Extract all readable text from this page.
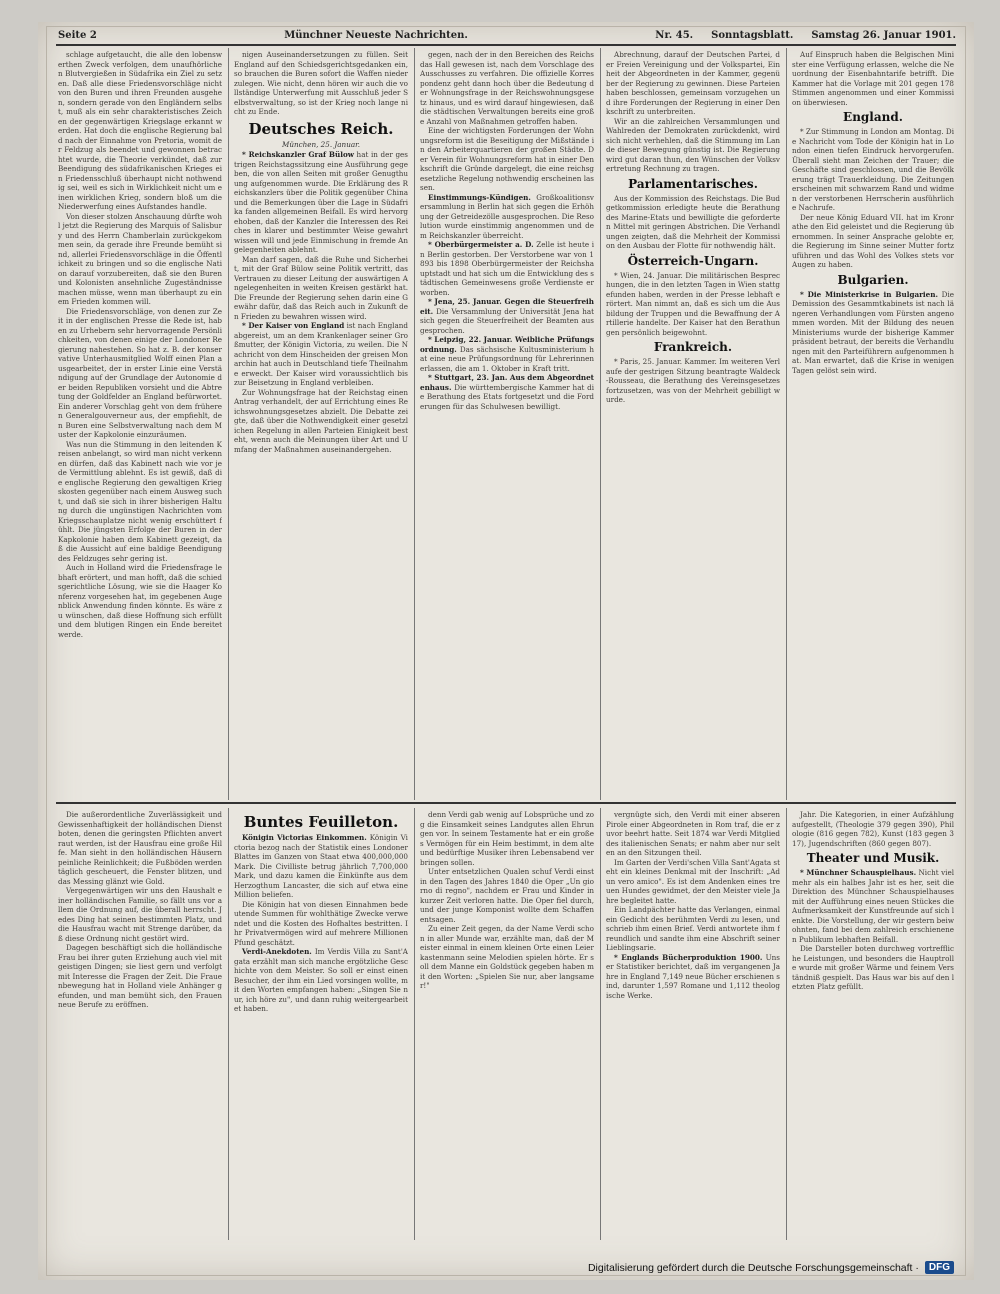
Seite 2	Münchner Neueste Nachrichten.	Nr. 45. Sonntagsblatt. Samstag 26. Januar 1901.

schlage aufgetaucht, die alle den lobenswerthen Zweck verfolgen, dem unaufhörlichen Blutvergießen in Südafrika ein Ziel zu setzen. Daß alle diese Friedensvorschläge nicht von den Buren und ihren Freunden ausgehen, sondern gerade von den Engländern selbst, muß als ein sehr charakteristisches Zeichen der gegenwärtigen Kriegslage erkannt werden. Hat doch die englische Regierung bald nach der Einnahme von Pretoria, womit der Feldzug als beendet und gewonnen betrachtet wurde, die Theorie verkündet, daß zur Beendigung des südafrikanischen Krieges ein Friedensschluß überhaupt nicht nothwendig sei, weil es sich in Wirklichkeit nicht um einen wirklichen Krieg, sondern bloß um die Niederwerfung eines Aufstandes handle.

Von dieser stolzen Anschauung dürfte wohl jetzt die Regierung des Marquis of Salisbury und des Herrn Chamberlain zurückgekommen sein, da gerade ihre Freunde bemüht sind, allerlei Friedensvorschläge in die Öffentlichkeit zu bringen und so die englische Nation darauf vorzubereiten, daß sie den Buren und Kolonisten ansehnliche Zugeständnisse machen müsse, wenn man überhaupt zu einem Frieden kommen will.

Die Friedensvorschläge, von denen zur Zeit in der englischen Presse die Rede ist, haben zu Urhebern sehr hervorragende Persönlichkeiten, von denen einige der Londoner Regierung nahestehen. So hat z. B. der konservative Unterhausmitglied Wolff einen Plan ausgearbeitet, der in erster Linie eine Verständigung auf der Grundlage der Autonomie der beiden Republiken vorsieht und die Abtretung der Goldfelder an England befürwortet. Ein anderer Vorschlag geht von dem früheren Generalgouverneur aus, der empfiehlt, den Buren eine Selbstverwaltung nach dem Muster der Kapkolonie einzuräumen.

Was nun die Stimmung in den leitenden Kreisen anbelangt, so wird man nicht verkennen dürfen, daß das Kabinett nach wie vor jede Vermittlung ablehnt. Es ist gewiß, daß die englische Regierung den gewaltigen Kriegskosten gegenüber nach einem Ausweg sucht, und daß sie sich in ihrer bisherigen Haltung durch die ungünstigen Nachrichten vom Kriegsschauplatze nicht wenig erschüttert fühlt. Die jüngsten Erfolge der Buren in der Kapkolonie haben dem Kabinett gezeigt, daß die Aussicht auf eine baldige Beendigung des Feldzuges sehr gering ist.

Auch in Holland wird die Friedensfrage lebhaft erörtert, und man hofft, daß die schiedsgerichtliche Lösung, wie sie die Haager Konferenz vorgesehen hat, im gegebenen Augenblick Anwendung finden könnte. Es wäre zu wünschen, daß diese Hoffnung sich erfüllt und dem blutigen Ringen ein Ende bereitet werde.

nigen Auseinandersetzungen zu füllen. Seit England auf den Schiedsgerichtsgedanken ein, so brauchen die Buren sofort die Waffen niederzulegen. Wie nicht, denn hören wir auch die vollständige Unterwerfung mit Ausschluß jeder Selbstverwaltung, so ist der Krieg noch lange nicht zu Ende.

Deutsches Reich.
München, 25. Januar.

* Reichskanzler Graf Bülow hat in der gestrigen Reichstagssitzung eine Ausführung gegeben, die von allen Seiten mit großer Genugthuung aufgenommen wurde. Die Erklärung des Reichskanzlers über die Politik gegenüber China und die Bemerkungen über die Lage in Südafrika fanden allgemeinen Beifall. Es wird hervorgehoben, daß der Kanzler die Interessen des Reiches in klarer und bestimmter Weise gewahrt wissen will und jede Einmischung in fremde Angelegenheiten ablehnt.

Man darf sagen, daß die Ruhe und Sicherheit, mit der Graf Bülow seine Politik vertritt, das Vertrauen zu dieser Leitung der auswärtigen Angelegenheiten in weiten Kreisen gestärkt hat. Die Freunde der Regierung sehen darin eine Gewähr dafür, daß das Reich auch in Zukunft den Frieden zu bewahren wissen wird.

* Der Kaiser von England ist nach England abgereist, um an dem Krankenlager seiner Großmutter, der Königin Victoria, zu weilen. Die Nachricht von dem Hinscheiden der greisen Monarchin hat auch in Deutschland tiefe Theilnahme erweckt. Der Kaiser wird voraussichtlich bis zur Beisetzung in England verbleiben.

Zur Wohnungsfrage hat der Reichstag einen Antrag verhandelt, der auf Errichtung eines Reichswohnungsgesetzes abzielt. Die Debatte zeigte, daß über die Nothwendigkeit einer gesetzlichen Regelung in allen Parteien Einigkeit besteht, wenn auch die Meinungen über Art und Umfang der Maßnahmen auseinandergehen.

gegen, nach der in den Bereichen des Reichs das Hall gewesen ist, nach dem Vorschlage des Ausschusses zu verfahren. Die offizielle Korrespondenz geht dann hoch über die Bedeutung der Wohnungsfrage in der Reichswohnungsgesetz hinaus, und es wird darauf hingewiesen, daß die städtischen Verwaltungen bereits eine große Anzahl von Maßnahmen getroffen haben.

Eine der wichtigsten Forderungen der Wohnungsreform ist die Beseitigung der Mißstände in den Arbeiterquartieren der großen Städte. Der Verein für Wohnungsreform hat in einer Denkschrift die Gründe dargelegt, die eine reichsgesetzliche Regelung nothwendig erscheinen lassen.

Einstimmungs-Kündigen. Großkoalitionsversammlung in Berlin hat sich gegen die Erhöhung der Getreidezölle ausgesprochen. Die Resolution wurde einstimmig angenommen und dem Reichskanzler überreicht.

* Oberbürgermeister a. D. Zelle ist heute in Berlin gestorben. Der Verstorbene war von 1893 bis 1898 Oberbürgermeister der Reichshauptstadt und hat sich um die Entwicklung des städtischen Gemeinwesens große Verdienste erworben.

* Jena, 25. Januar. Gegen die Steuerfreiheit. Die Versammlung der Universität Jena hat sich gegen die Steuerfreiheit der Beamten ausgesprochen.

* Leipzig, 22. Januar. Weibliche Prüfungsordnung. Das sächsische Kultusministerium hat eine neue Prüfungsordnung für Lehrerinnen erlassen, die am 1. Oktober in Kraft tritt.

* Stuttgart, 23. Jan. Aus dem Abgeordnetenhaus. Die württembergische Kammer hat die Berathung des Etats fortgesetzt und die Forderungen für das Schulwesen bewilligt.

Abrechnung, darauf der Deutschen Partei, der Freien Vereinigung und der Volkspartei, Einheit der Abgeordneten in der Kammer, gegenüber der Regierung zu gewinnen. Diese Parteien haben beschlossen, gemeinsam vorzugehen und ihre Forderungen der Regierung in einer Denkschrift zu unterbreiten.

Wir an die zahlreichen Versammlungen und Wahlreden der Demokraten zurückdenkt, wird sich nicht verhehlen, daß die Stimmung im Lande dieser Bewegung günstig ist. Die Regierung wird gut daran thun, den Wünschen der Volksvertretung Rechnung zu tragen.

Parlamentarisches.

Aus der Kommission des Reichstags. Die Budgetkommission erledigte heute die Berathung des Marine-Etats und bewilligte die geforderten Mittel mit geringen Abstrichen. Die Verhandlungen zeigten, daß die Mehrheit der Kommission den Ausbau der Flotte für nothwendig hält.

Österreich-Ungarn.

* Wien, 24. Januar. Die militärischen Besprechungen, die in den letzten Tagen in Wien stattgefunden haben, werden in der Presse lebhaft erörtert. Man nimmt an, daß es sich um die Ausbildung der Truppen und die Bewaffnung der Artillerie handelte. Der Kaiser hat den Berathungen persönlich beigewohnt.

Frankreich.

* Paris, 25. Januar. Kammer. Im weiteren Verlaufe der gestrigen Sitzung beantragte Waldeck-Rousseau, die Berathung des Vereinsgesetzes fortzusetzen, was von der Mehrheit gebilligt wurde.

Auf Einspruch haben die Belgischen Minister eine Verfügung erlassen, welche die Neuordnung der Eisenbahntarife betrifft. Die Kammer hat die Vorlage mit 201 gegen 178 Stimmen angenommen und einer Kommission überwiesen.

England.

* Zur Stimmung in London am Montag. Die Nachricht vom Tode der Königin hat in London einen tiefen Eindruck hervorgerufen. Überall sieht man Zeichen der Trauer; die Geschäfte sind geschlossen, und die Bevölkerung trägt Trauerkleidung. Die Zeitungen erscheinen mit schwarzem Rand und widmen der verstorbenen Herrscherin ausführliche Nachrufe.

Der neue König Eduard VII. hat im Kronrathe den Eid geleistet und die Regierung übernommen. In seiner Ansprache gelobte er, die Regierung im Sinne seiner Mutter fortzuführen und das Wohl des Volkes stets vor Augen zu haben.

Bulgarien.

* Die Ministerkrise in Bulgarien. Die Demission des Gesammtkabinets ist nach längeren Verhandlungen vom Fürsten angenommen worden. Mit der Bildung des neuen Ministeriums wurde der bisherige Kammerpräsident betraut, der bereits die Verhandlungen mit den Parteiführern aufgenommen hat. Man erwartet, daß die Krise in wenigen Tagen gelöst sein wird.

Die außerordentliche Zuverlässigkeit und Gewissenhaftigkeit der holländischen Dienstboten, denen die geringsten Pflichten anvertraut werden, ist der Hausfrau eine große Hilfe. Man sieht in den holländischen Häusern peinliche Reinlichkeit; die Fußböden werden täglich gescheuert, die Fenster blitzen, und das Messing glänzt wie Gold.

Vergegenwärtigen wir uns den Haushalt einer holländischen Familie, so fällt uns vor allem die Ordnung auf, die überall herrscht. Jedes Ding hat seinen bestimmten Platz, und die Hausfrau wacht mit Strenge darüber, daß diese Ordnung nicht gestört wird.

Dagegen beschäftigt sich die holländische Frau bei ihrer guten Erziehung auch viel mit geistigen Dingen; sie liest gern und verfolgt mit Interesse die Fragen der Zeit. Die Frauenbewegung hat in Holland viele Anhänger gefunden, und man bemüht sich, den Frauen neue Berufe zu eröffnen.

Buntes Feuilleton.

Königin Victorias Einkommen. Königin Victoria bezog nach der Statistik eines Londoner Blattes im Ganzen von Staat etwa 400,000,000 Mark. Die Civilliste betrug jährlich 7,700,000 Mark, und dazu kamen die Einkünfte aus dem Herzogthum Lancaster, die sich auf etwa eine Million beliefen.

Die Königin hat von diesen Einnahmen bedeutende Summen für wohlthätige Zwecke verwendet und die Kosten des Hofhaltes bestritten. Ihr Privatvermögen wird auf mehrere Millionen Pfund geschätzt.

Verdi-Anekdoten. Im Verdis Villa zu Sant'Agata erzählt man sich manche ergötzliche Geschichte von dem Meister. So soll er einst einen Besucher, der ihm ein Lied vorsingen wollte, mit den Worten empfangen haben: „Singen Sie nur, ich höre zu", und dann ruhig weitergearbeitet haben.

denn Verdi gab wenig auf Lobsprüche und zog die Einsamkeit seines Landgutes allen Ehrungen vor. In seinem Testamente hat er ein großes Vermögen für ein Heim bestimmt, in dem alte und bedürftige Musiker ihren Lebensabend verbringen sollen.

Unter entsetzlichen Qualen schuf Verdi einst in den Tagen des Jahres 1840 die Oper „Un giorno di regno", nachdem er Frau und Kinder in kurzer Zeit verloren hatte. Die Oper fiel durch, und der junge Komponist wollte dem Schaffen entsagen.

Zu einer Zeit gegen, da der Name Verdi schon in aller Munde war, erzählte man, daß der Meister einmal in einem kleinen Orte einen Leierkastenmann seine Melodien spielen hörte. Er soll dem Manne ein Goldstück gegeben haben mit den Worten: „Spielen Sie nur, aber langsamer!"

vergnügte sich, den Verdi mit einer abseren Pirole einer Abgeordneten in Rom traf, die er zuvor beehrt hatte. Seit 1874 war Verdi Mitglied des italienischen Senats; er nahm aber nur selten an den Sitzungen theil.

Im Garten der Verdi'schen Villa Sant'Agata steht ein kleines Denkmal mit der Inschrift: „Ad un vero amico". Es ist dem Andenken eines treuen Hundes gewidmet, der den Meister viele Jahre begleitet hatte.

Ein Landpächter hatte das Verlangen, einmal ein Gedicht des berühmten Verdi zu lesen, und schrieb ihm einen Brief. Verdi antwortete ihm freundlich und sandte ihm eine Abschrift seiner Lieblingsarie.

* Englands Bücherproduktion 1900. Unser Statistiker berichtet, daß im vergangenen Jahre in England 7,149 neue Bücher erschienen sind, darunter 1,597 Romane und 1,112 theologische Werke.

Jahr. Die Kategorien, in einer Aufzählung aufgestellt, (Theologie 379 gegen 390), Philologie (816 gegen 782), Kunst (183 gegen 317), Jugendschriften (860 gegen 807).

Theater und Musik.

* Münchner Schauspielhaus. Nicht viel mehr als ein halbes Jahr ist es her, seit die Direktion des Münchner Schauspielhauses mit der Aufführung eines neuen Stückes die Aufmerksamkeit der Kunstfreunde auf sich lenkte. Die Vorstellung, der wir gestern beiwohnten, fand bei dem zahlreich erschienenen Publikum lebhaften Beifall.

Die Darsteller boten durchweg vortreffliche Leistungen, und besonders die Hauptrolle wurde mit großer Wärme und feinem Verständniß gespielt. Das Haus war bis auf den letzten Platz gefüllt.

Digitalisierung gefördert durch die Deutsche Forschungsgemeinschaft ·	DFG
